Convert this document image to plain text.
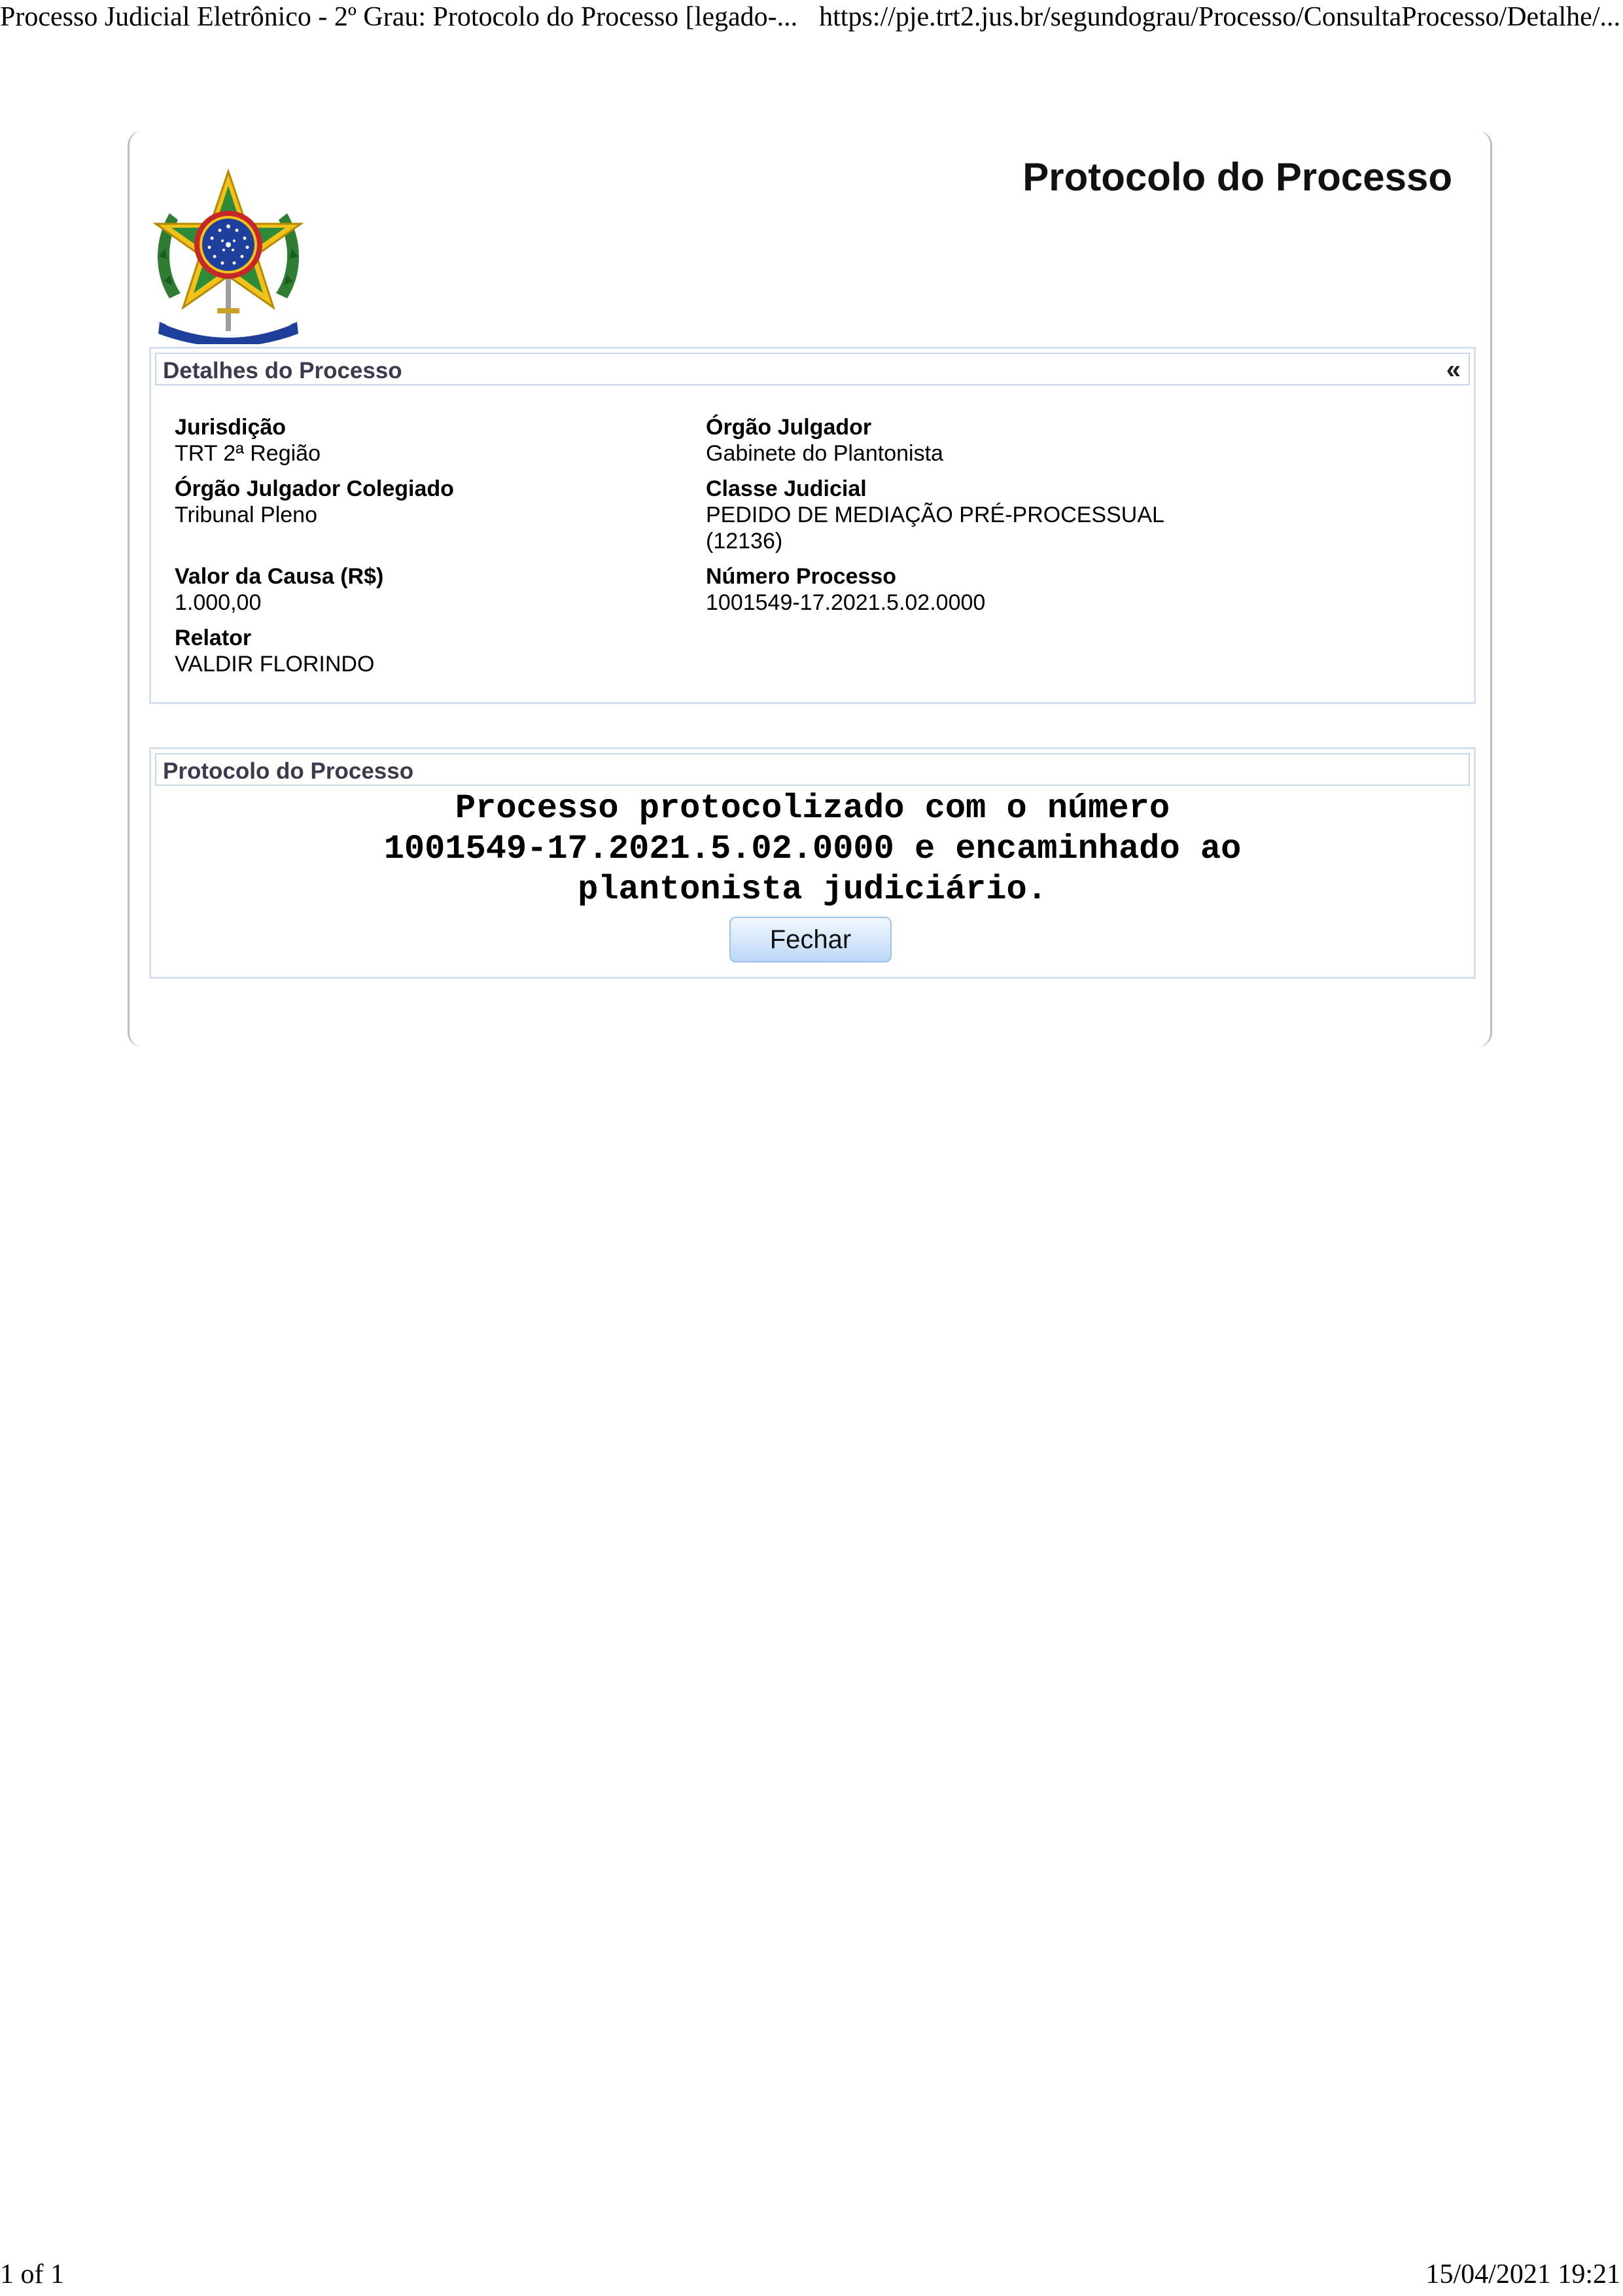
Processo Judicial Eletrônico - 2º Grau: Protocolo do Processo [legado-... https://pje.trt2.jus.br/segundograu/Processo/ConsultaProcesso/Detalhe/...
Protocolo do Processo
Detalhes do Processo	«
Jurisdição
TRT 2ª Região
Órgão Julgador
Gabinete do Plantonista
Órgão Julgador Colegiado
Tribunal Pleno
Classe Judicial
PEDIDO DE MEDIAÇÃO PRÉ-PROCESSUAL
(12136)
Valor da Causa (R$)
1.000,00
Número Processo
1001549-17.2021.5.02.0000
Relator
VALDIR FLORINDO
Protocolo do Processo
Processo protocolizado com o número
1001549-17.2021.5.02.0000 e encaminhado ao
plantonista judiciário.
Fechar
1 of 1	15/04/2021 19:21
